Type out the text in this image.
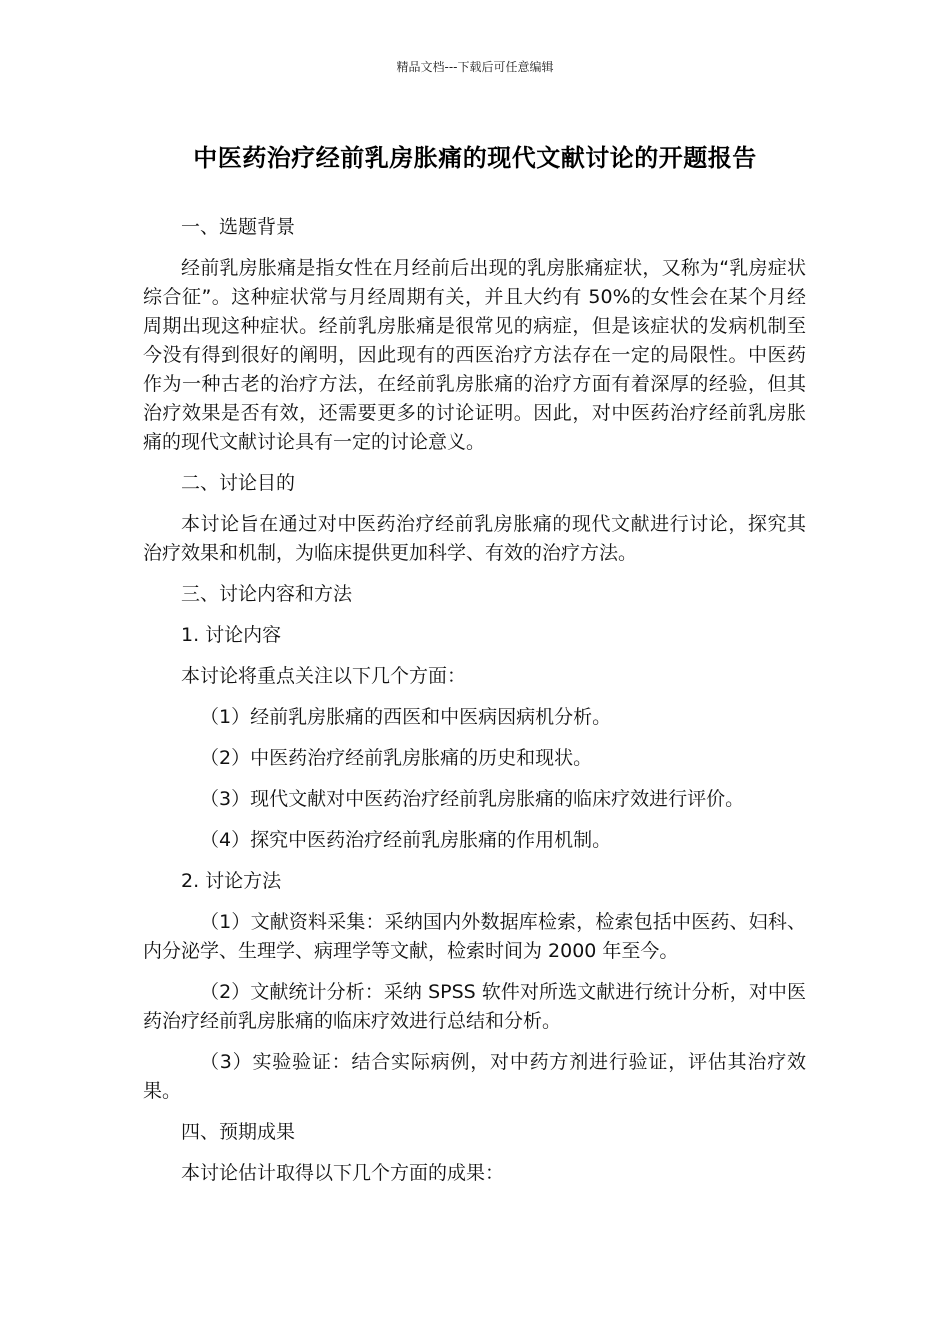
精品文档---下载后可任意编辑
中医药治疗经前乳房胀痛的现代文献讨论的开题报告

一、选题背景

经前乳房胀痛是指女性在月经前后出现的乳房胀痛症状，又称为“乳房症状综合征”。这种症状常与月经周期有关，并且大约有 50%的女性会在某个月经周期出现这种症状。经前乳房胀痛是很常见的病症，但是该症状的发病机制至今没有得到很好的阐明，因此现有的西医治疗方法存在一定的局限性。中医药作为一种古老的治疗方法，在经前乳房胀痛的治疗方面有着深厚的经验，但其治疗效果是否有效，还需要更多的讨论证明。因此，对中医药治疗经前乳房胀痛的现代文献讨论具有一定的讨论意义。

二、讨论目的

本讨论旨在通过对中医药治疗经前乳房胀痛的现代文献进行讨论，探究其治疗效果和机制，为临床提供更加科学、有效的治疗方法。

三、讨论内容和方法

1. 讨论内容

本讨论将重点关注以下几个方面：

（1）经前乳房胀痛的西医和中医病因病机分析。

（2）中医药治疗经前乳房胀痛的历史和现状。

（3）现代文献对中医药治疗经前乳房胀痛的临床疗效进行评价。

（4）探究中医药治疗经前乳房胀痛的作用机制。

2. 讨论方法

（1）文献资料采集：采纳国内外数据库检索，检索包括中医药、妇科、内分泌学、生理学、病理学等文献，检索时间为 2000 年至今。

（2）文献统计分析：采纳 SPSS 软件对所选文献进行统计分析，对中医药治疗经前乳房胀痛的临床疗效进行总结和分析。

（3）实验验证：结合实际病例，对中药方剂进行验证，评估其治疗效果。

四、预期成果

本讨论估计取得以下几个方面的成果：
